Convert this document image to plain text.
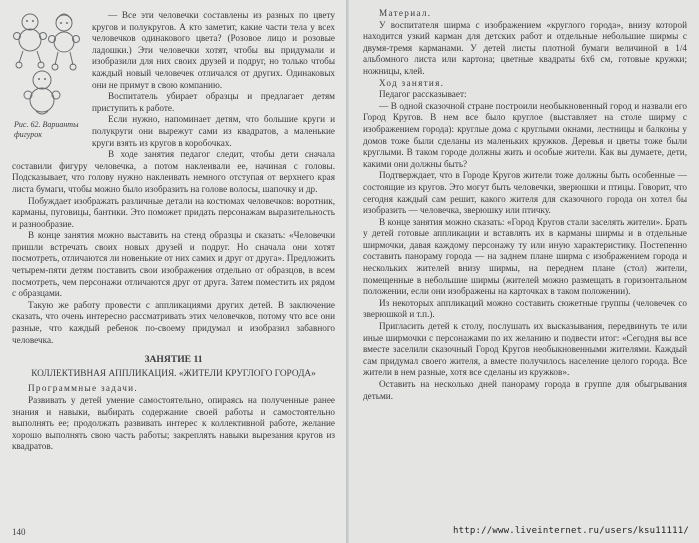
Рис. 62. Варианты фигурок

— Все эти человечки составлены из разных по цвету кругов и полукругов. А кто заметит, какие части тела у всех человечков одинакового цвета? (Розовое лицо и розовые ладошки.) Эти человечки хотят, чтобы вы придумали и изобразили для них своих друзей и подруг, но только чтобы каждый новый человечек отличался от других. Одинаковых они не примут в свою компанию.

Воспитатель убирает образцы и предлагает детям приступить к работе.

Если нужно, напоминает детям, что большие круги и полукруги они вырежут сами из квадратов, а маленькие круги взять из кругов в коробочках.

В ходе занятия педагог следит, чтобы дети сначала составили фигуру человечка, а потом наклеивали ее, начиная с головы. Подсказывает, что голову нужно наклеивать немного отступая от верхнего края листа бумаги, чтобы можно было изобразить на голове волосы, шапочку и др.

Побуждает изображать различные детали на костюмах человечков: воротник, карманы, пуговицы, бантики. Это поможет придать персонажам выразительность и разнообразие.

В конце занятия можно выставить на стенд образцы и сказать: «Человечки пришли встречать своих новых друзей и подруг. Но сначала они хотят посмотреть, отличаются ли новенькие от них самих и друг от друга». Предложить четырем-пяти детям поставить свои изображения отдельно от образцов, в всем посмотреть, чем персонажи отличаются друг от друга. Затем поместить их рядом с образцами.

Такую же работу провести с аппликациями других детей. В заключение сказать, что очень интересно рассматривать этих человечков, потому что все они разные, что каждый ребенок по-своему придумал и изобразил забавного человечка.

ЗАНЯТИЕ 11

КОЛЛЕКТИВНАЯ АППЛИКАЦИЯ. «ЖИТЕЛИ КРУГЛОГО ГОРОДА»

Программные задачи.

Развивать у детей умение самостоятельно, опираясь на полученные ранее знания и навыки, выбирать содержание своей работы и самостоятельно выполнять ее; продолжать развивать интерес к коллективной работе, желание хорошо выполнять свою часть работы; закреплять навыки вырезания кругов из квадратов.

140

Материал.

У воспитателя ширма с изображением «круглого города», внизу которой находится узкий карман для детских работ и отдельные небольшие ширмы с двумя-тремя карманами. У детей листы плотной бумаги величиной в 1/4 альбомного листа или картона; цветные квадраты 6х6 см, готовые кружки; ножницы, клей.

Ход занятия.

Педагог рассказывает:

— В одной сказочной стране построили необыкновенный город и назвали его Город Кругов. В нем все было круглое (выставляет на столе ширму с изображением города): круглые дома с круглыми окнами, лестницы и балконы у домов тоже были сделаны из маленьких кружков. Деревья и цветы тоже были круглыми. В таком городе должны жить и особые жители. Как вы думаете, дети, какими они должны быть?

Подтверждает, что в Городе Кругов жители тоже должны быть особенные — состоящие из кругов. Это могут быть человечки, зверюшки и птицы. Говорит, что сегодня каждый сам решит, какого жителя для сказочного города он хотел бы изобразить — человечка, зверюшку или птичку.

В конце занятия можно сказать: «Город Кругов стали заселять жители». Брать у детей готовые аппликации и вставлять их в карманы ширмы и в отдельные ширмочки, давая каждому персонажу ту или иную характеристику. Постепенно составить панораму города — на заднем плане ширма с изображением города и нескольких жителей внизу ширмы, на переднем плане (стол) жители, помещенные в небольшие ширмы (жителей можно размещать в горизонтальном положении, если они изображены на карточках в таком положении).

Из некоторых аппликаций можно составить сюжетные группы (человечек со зверюшкой и т.п.).

Пригласить детей к столу, послушать их высказывания, передвинуть те или иные ширмочки с персонажами по их желанию и подвести итог: «Сегодня вы все вместе заселили сказочный Город Кругов необыкновенными жителями. Каждый сам придумал своего жителя, а вместе получилось население целого города. Все жители в нем разные, хотя все сделаны из кружков».

Оставить на несколько дней панораму города в группе для обыгрывания детьми.

http://www.liveinternet.ru/users/ksu11111/
